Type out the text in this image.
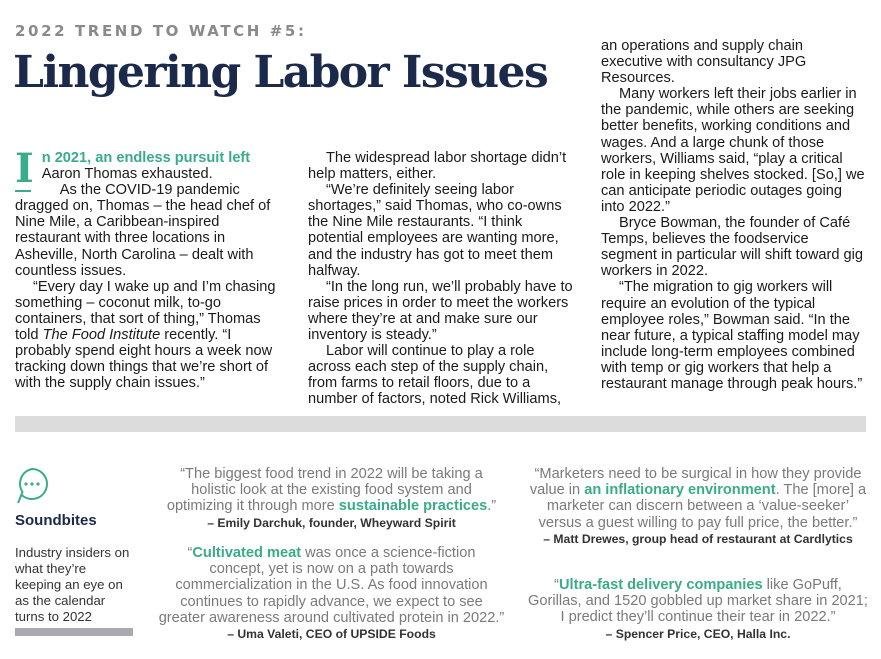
2022 TREND TO WATCH #5:
Lingering Labor Issues
I n 2021, an endless pursuit left
Aaron Thomas exhausted.

As the COVID-19 pandemic dragged on, Thomas – the head chef of Nine Mile, a Caribbean-inspired restaurant with three locations in Asheville, North Carolina – dealt with countless issues.

“Every day I wake up and I’m chasing something – coconut milk, to-go containers, that sort of thing,” Thomas told The Food Institute recently. “I probably spend eight hours a week now tracking down things that we’re short of with the supply chain issues.”

The widespread labor shortage didn’t help matters, either.

“We’re definitely seeing labor shortages,” said Thomas, who co-owns the Nine Mile restaurants. “I think potential employees are wanting more, and the industry has got to meet them halfway.

“In the long run, we’ll probably have to raise prices in order to meet the workers where they’re at and make sure our inventory is steady.”

Labor will continue to play a role across each step of the supply chain, from farms to retail floors, due to a number of factors, noted Rick Williams,

an operations and supply chain executive with consultancy JPG Resources.

Many workers left their jobs earlier in the pandemic, while others are seeking better benefits, working conditions and wages. And a large chunk of those workers, Williams said, “play a critical role in keeping shelves stocked. [So,] we can anticipate periodic outages going into 2022.”

Bryce Bowman, the founder of Café Temps, believes the foodservice segment in particular will shift toward gig workers in 2022.

“The migration to gig workers will require an evolution of the typical employee roles,” Bowman said. “In the near future, a typical staffing model may include long-term employees combined with temp or gig workers that help a restaurant manage through peak hours.”

Soundbites
Industry insiders on what they’re keeping an eye on as the calendar turns to 2022
“The biggest food trend in 2022 will be taking a holistic look at the existing food system and optimizing it through more sustainable practices.”
– Emily Darchuk, founder, Wheyward Spirit
“Cultivated meat was once a science-fiction concept, yet is now on a path towards commercialization in the U.S. As food innovation continues to rapidly advance, we expect to see greater awareness around cultivated protein in 2022.”
– Uma Valeti, CEO of UPSIDE Foods
“Marketers need to be surgical in how they provide value in an inflationary environment. The [more] a marketer can discern between a ‘value-seeker’ versus a guest willing to pay full price, the better.”
– Matt Drewes, group head of restaurant at Cardlytics
“Ultra-fast delivery companies like GoPuff, Gorillas, and 1520 gobbled up market share in 2021; I predict they’ll continue their tear in 2022.”
– Spencer Price, CEO, Halla Inc.
